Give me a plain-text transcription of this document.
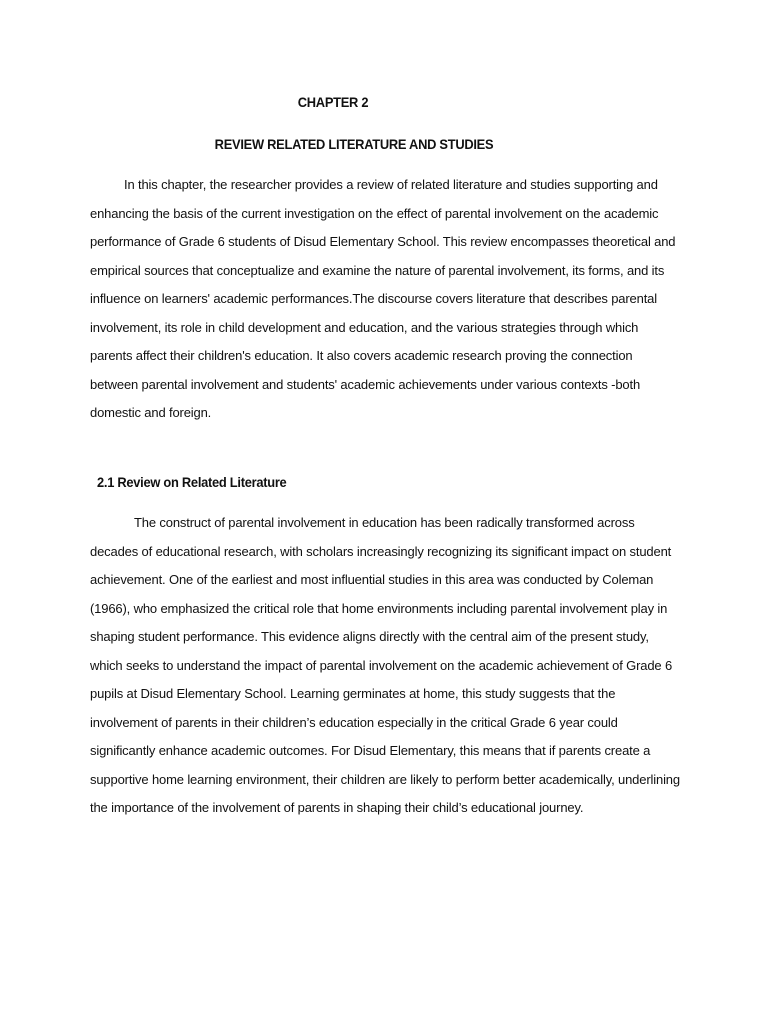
CHAPTER 2
REVIEW RELATED LITERATURE AND STUDIES

In this chapter, the researcher provides a review of related literature and studies supporting and enhancing the basis of the current investigation on the effect of parental involvement on the academic performance of Grade 6 students of Disud Elementary School. This review encompasses theoretical and empirical sources that conceptualize and examine the nature of parental involvement, its forms, and its influence on learners' academic performances.The discourse covers literature that describes parental involvement, its role in child development and education, and the various strategies through which parents affect their children's education. It also covers academic research proving the connection between parental involvement and students' academic achievements under various contexts -both domestic and foreign.

2.1 Review on Related Literature

The construct of parental involvement in education has been radically transformed across decades of educational research, with scholars increasingly recognizing its significant impact on student achievement. One of the earliest and most influential studies in this area was conducted by Coleman (1966), who emphasized the critical role that home environments including parental involvement play in shaping student performance. This evidence aligns directly with the central aim of the present study, which seeks to understand the impact of parental involvement on the academic achievement of Grade 6 pupils at Disud Elementary School. Learning germinates at home, this study suggests that the involvement of parents in their children’s education especially in the critical Grade 6 year could significantly enhance academic outcomes. For Disud Elementary, this means that if parents create a supportive home learning environment, their children are likely to perform better academically, underlining the importance of the involvement of parents in shaping their child’s educational journey.
